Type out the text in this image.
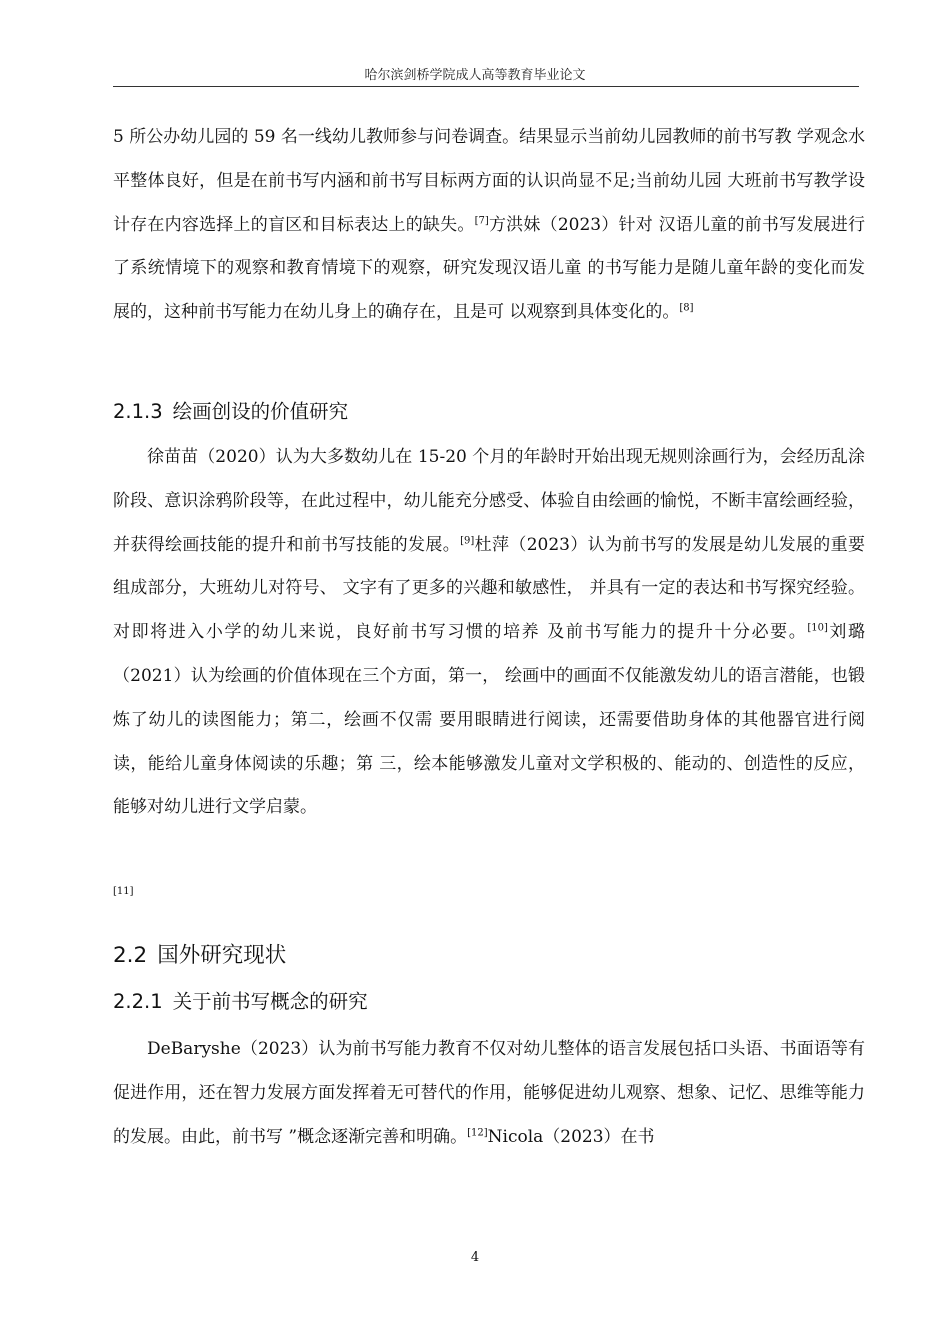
哈尔滨剑桥学院成人高等教育毕业论文

5 所公办幼儿园的 59 名一线幼儿教师参与问卷调查。结果显示当前幼儿园教师的前书写教 学观念水平整体良好，但是在前书写内涵和前书写目标两方面的认识尚显不足;当前幼儿园 大班前书写教学设计存在内容选择上的盲区和目标表达上的缺失。[7]方洪妹（2023）针对 汉语儿童的前书写发展进行了系统情境下的观察和教育情境下的观察，研究发现汉语儿童 的书写能力是随儿童年龄的变化而发展的，这种前书写能力在幼儿身上的确存在，且是可 以观察到具体变化的。[8]

2.1.3 绘画创设的价值研究

徐苗苗（2020）认为大多数幼儿在 15-20 个月的年龄时开始出现无规则涂画行为，会经历乱涂阶段、意识涂鸦阶段等，在此过程中，幼儿能充分感受、体验自由绘画的愉悦，不断丰富绘画经验，并获得绘画技能的提升和前书写技能的发展。[9]杜萍（2023）认为前书写的发展是幼儿发展的重要组成部分，大班幼儿对符号、 文字有了更多的兴趣和敏感性， 并具有一定的表达和书写探究经验。对即将进入小学的幼儿来说，良好前书写习惯的培养 及前书写能力的提升十分必要。[10]刘璐（2021）认为绘画的价值体现在三个方面，第一， 绘画中的画面不仅能激发幼儿的语言潜能，也锻炼了幼儿的读图能力；第二，绘画不仅需 要用眼睛进行阅读，还需要借助身体的其他器官进行阅读，能给儿童身体阅读的乐趣；第 三，绘本能够激发儿童对文学积极的、能动的、创造性的反应，能够对幼儿进行文学启蒙。

[11]
2.2 国外研究现状
2.2.1 关于前书写概念的研究

DeBaryshe（2023）认为前书写能力教育不仅对幼儿整体的语言发展包括口头语、书面语等有促进作用，还在智力发展方面发挥着无可替代的作用，能够促进幼儿观察、想象、记忆、思维等能力的发展。由此，前书写 ”概念逐渐完善和明确。[12]Nicola（2023）在书

4
